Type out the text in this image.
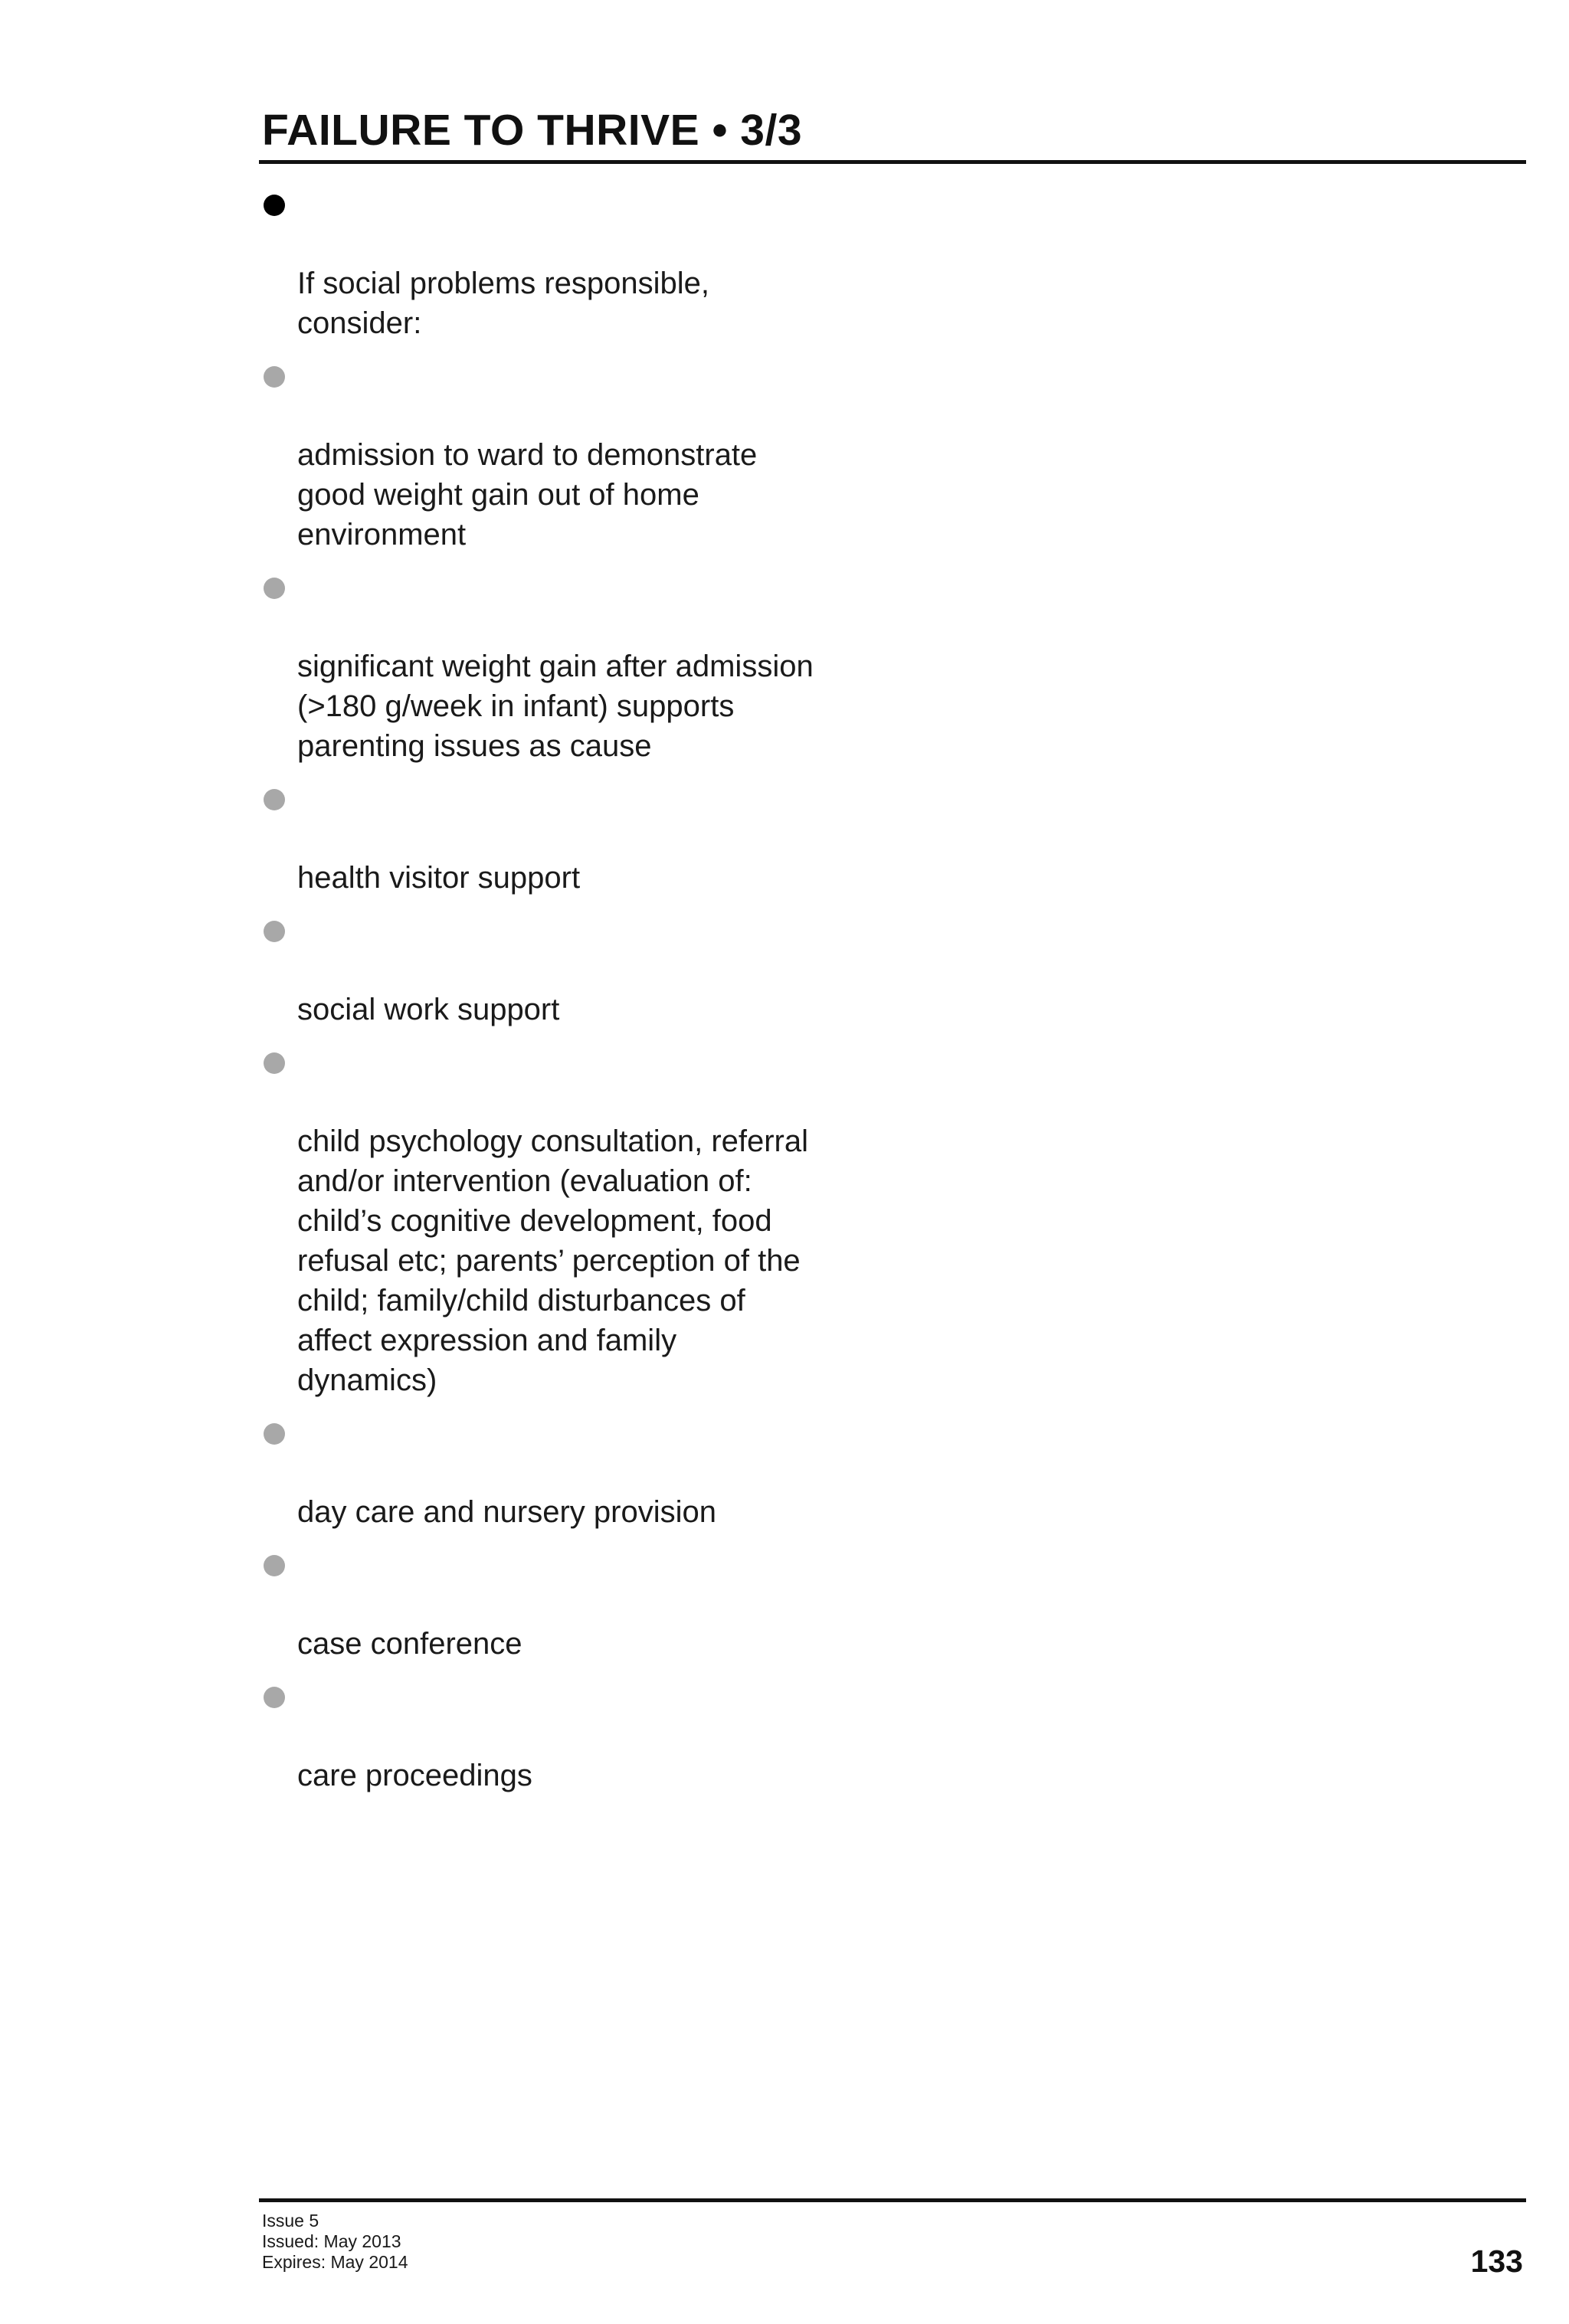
FAILURE TO THRIVE • 3/3

If social problems responsible,
consider:

admission to ward to demonstrate
good weight gain out of home
environment

significant weight gain after admission
(>180 g/week in infant) supports
parenting issues as cause

health visitor support

social work support

child psychology consultation, referral
and/or intervention (evaluation of:
child’s cognitive development, food
refusal etc; parents’ perception of the
child; family/child disturbances of
affect expression and family
dynamics)

day care and nursery provision

case conference

care proceedings

Issue 5
Issued: May 2013
Expires: May 2014	133
